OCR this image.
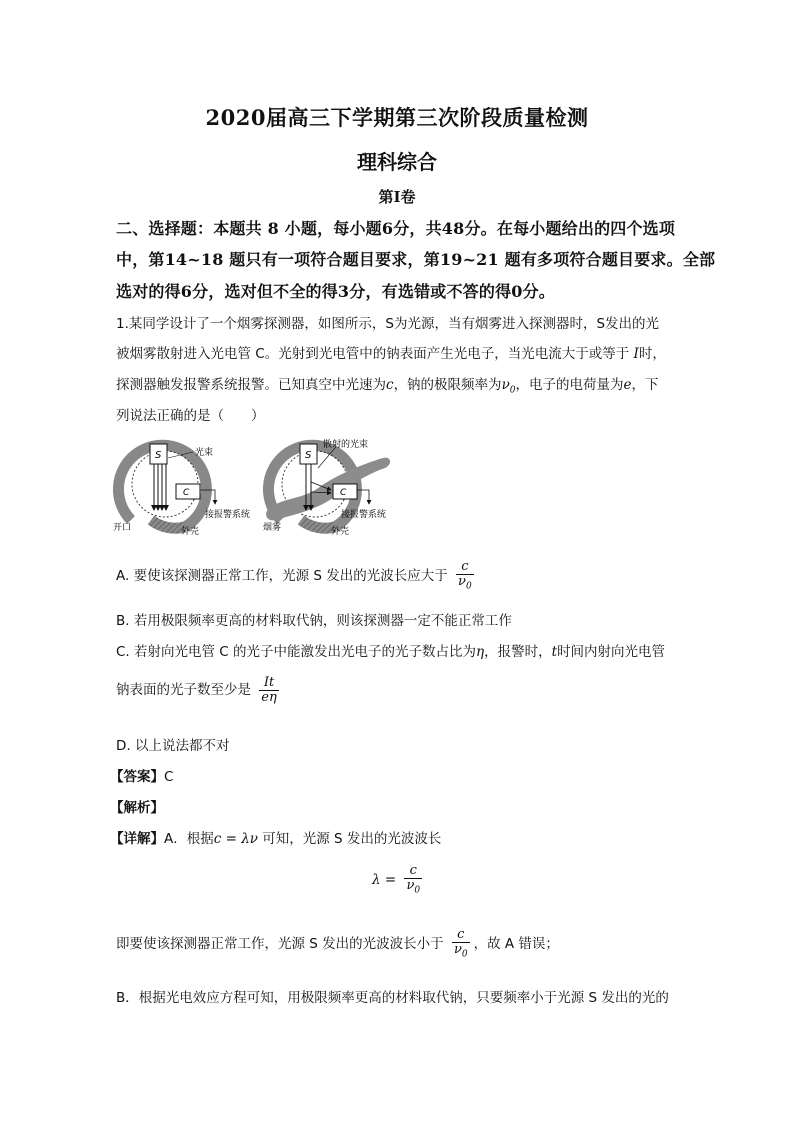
2020届高三下学期第三次阶段质量检测
理科综合
第Ⅰ卷
二、选择题：本题共 8 小题，每小题6分，共48分。在每小题给出的四个选项
中，第14~18 题只有一项符合题目要求，第19~21 题有多项符合题目要求。全部
选对的得6分，选对但不全的得3分，有选错或不答的得0分。
1.某同学设计了一个烟雾探测器，如图所示，S为光源，当有烟雾进入探测器时，S发出的光
被烟雾散射进入光电管 C。光射到光电管中的钠表面产生光电子，当光电流大于或等于 I时，
探测器触发报警系统报警。已知真空中光速为c，钠的极限频率为$\nu_0$，电子的电荷量为e，下
列说法正确的是（　　）
S	光束
C
接报警系统
开口	外壳
S
散射的光束
C
接报警系统
烟雾	外壳
A. 要使该探测器正常工作，光源 S 发出的光波长应大于 $\frac{c}{\nu_0}$
B. 若用极限频率更高的材料取代钠，则该探测器一定不能正常工作
C. 若射向光电管 C 的光子中能激发出光电子的光子数占比为η，报警时，t时间内射向光电管
钠表面的光子数至少是 $\frac{It}{e\eta}$
D. 以上说法都不对
【答案】C
【解析】
【详解】A．根据c = λν 可知，光源 S 发出的光波波长
$\lambda = \frac{c}{\nu_0}$
即要使该探测器正常工作，光源 S 发出的光波波长小于 $\frac{c}{\nu_0}$ ，故 A 错误；
B．根据光电效应方程可知，用极限频率更高的材料取代钠，只要频率小于光源 S 发出的光的
